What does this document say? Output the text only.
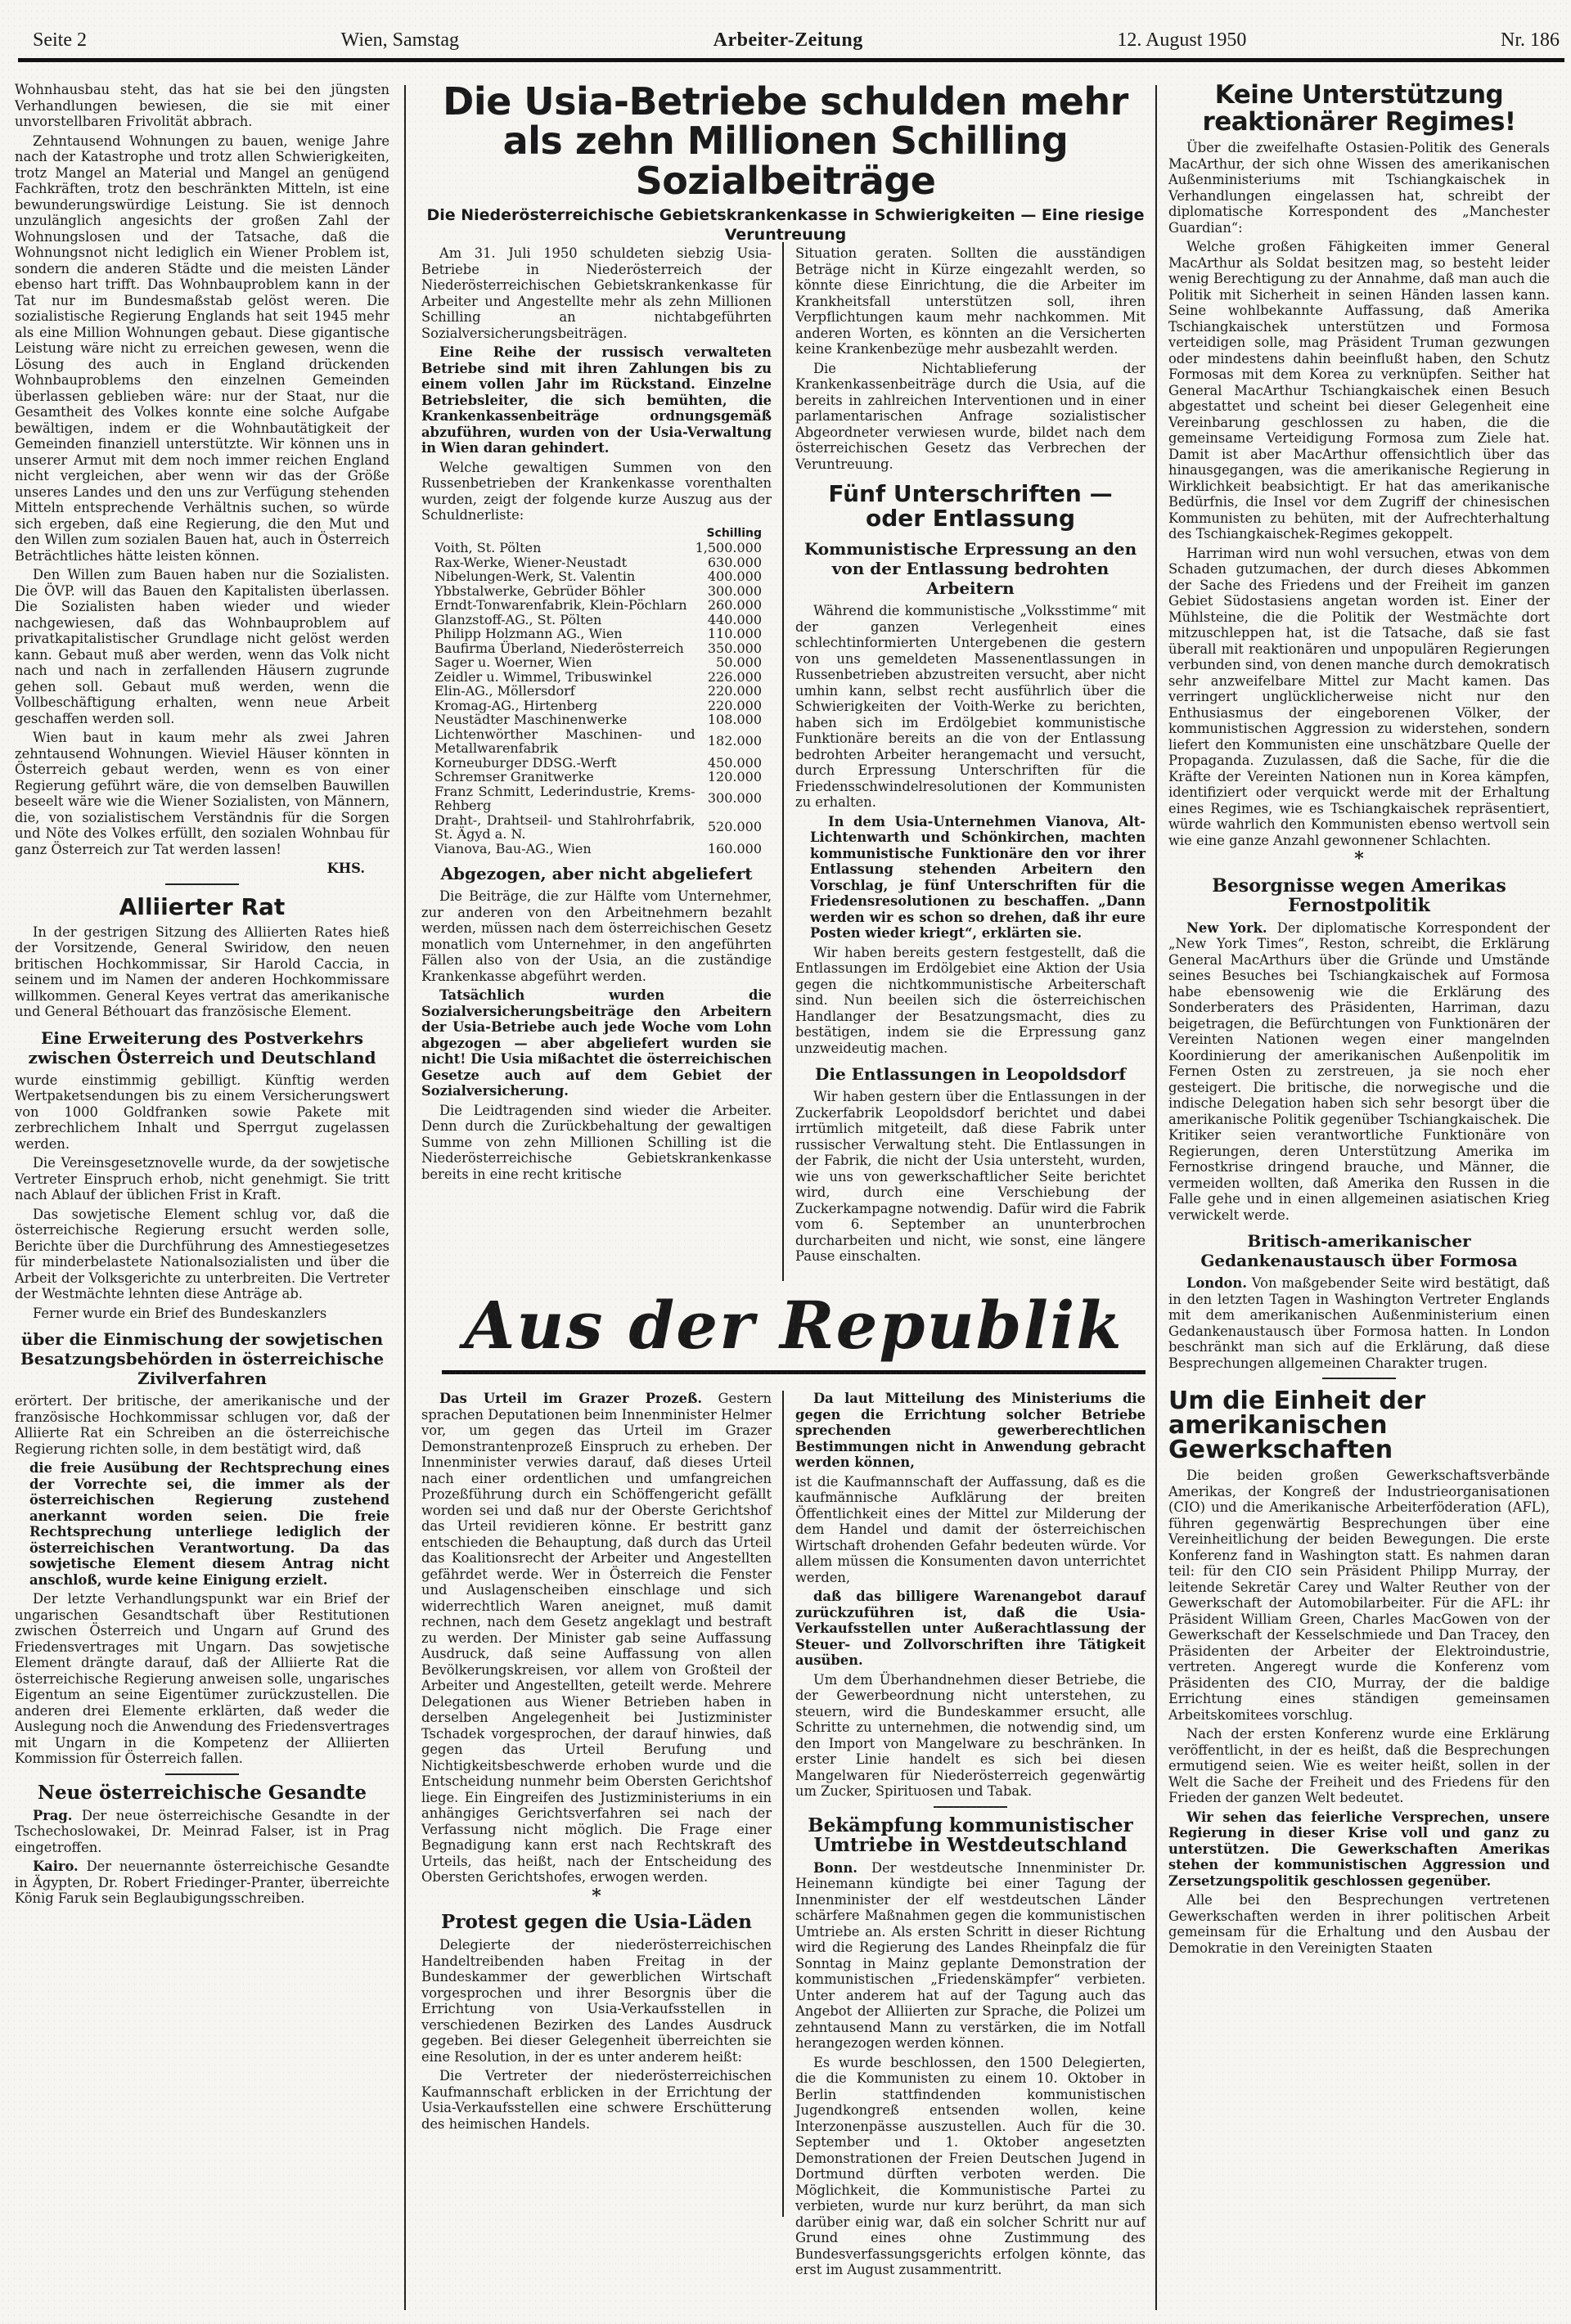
Seite 2	Wien, Samstag	Arbeiter-Zeitung	12. August 1950	Nr. 186

Wohnhausbau steht, das hat sie bei den jüngsten Verhandlungen bewiesen, die sie mit einer unvorstellbaren Frivolität abbrach.

Zehntausend Wohnungen zu bauen, wenige Jahre nach der Katastrophe und trotz allen Schwierigkeiten, trotz Mangel an Material und Mangel an genügend Fachkräften, trotz den beschränkten Mitteln, ist eine bewunderungswürdige Leistung. Sie ist dennoch unzulänglich angesichts der großen Zahl der Wohnungslosen und der Tatsache, daß die Wohnungsnot nicht lediglich ein Wiener Problem ist, sondern die anderen Städte und die meisten Länder ebenso hart trifft. Das Wohnbauproblem kann in der Tat nur im Bundesmaßstab gelöst weren. Die sozialistische Regierung Englands hat seit 1945 mehr als eine Million Wohnungen gebaut. Diese gigantische Leistung wäre nicht zu erreichen gewesen, wenn die Lösung des auch in England drückenden Wohnbauproblems den einzelnen Gemeinden überlassen geblieben wäre: nur der Staat, nur die Gesamtheit des Volkes konnte eine solche Aufgabe bewältigen, indem er die Wohnbautätigkeit der Gemeinden finanziell unterstützte. Wir können uns in unserer Armut mit dem noch immer reichen England nicht vergleichen, aber wenn wir das der Größe unseres Landes und den uns zur Verfügung stehenden Mitteln entsprechende Verhältnis suchen, so würde sich ergeben, daß eine Regierung, die den Mut und den Willen zum sozialen Bauen hat, auch in Österreich Beträchtliches hätte leisten können.

Den Willen zum Bauen haben nur die Sozialisten. Die ÖVP. will das Bauen den Kapitalisten überlassen. Die Sozialisten haben wieder und wieder nachgewiesen, daß das Wohnbauproblem auf privatkapitalistischer Grundlage nicht gelöst werden kann. Gebaut muß aber werden, wenn das Volk nicht nach und nach in zerfallenden Häusern zugrunde gehen soll. Gebaut muß werden, wenn die Vollbeschäftigung erhalten, wenn neue Arbeit geschaffen werden soll.

Wien baut in kaum mehr als zwei Jahren zehntausend Wohnungen. Wieviel Häuser könnten in Österreich gebaut werden, wenn es von einer Regierung geführt wäre, die von demselben Bauwillen beseelt wäre wie die Wiener Sozialisten, von Männern, die, von sozialistischem Verständnis für die Sorgen und Nöte des Volkes erfüllt, den sozialen Wohnbau für ganz Österreich zur Tat werden lassen!

KHS.
Alliierter Rat

In der gestrigen Sitzung des Alliierten Rates hieß der Vorsitzende, General Swiridow, den neuen britischen Hochkommissar, Sir Harold Caccia, in seinem und im Namen der anderen Hochkommissare willkommen. General Keyes vertrat das amerikanische und General Béthouart das französische Element.

Eine Erweiterung des Postverkehrs zwischen Österreich und Deutschland

wurde einstimmig gebilligt. Künftig werden Wertpaketsendungen bis zu einem Versicherungswert von 1000 Goldfranken sowie Pakete mit zerbrechlichem Inhalt und Sperrgut zugelassen werden.

Die Vereinsgesetznovelle wurde, da der sowjetische Vertreter Einspruch erhob, nicht genehmigt. Sie tritt nach Ablauf der üblichen Frist in Kraft.

Das sowjetische Element schlug vor, daß die österreichische Regierung ersucht werden solle, Berichte über die Durchführung des Amnestiegesetzes für minderbelastete Nationalsozialisten und über die Arbeit der Volksgerichte zu unterbreiten. Die Vertreter der Westmächte lehnten diese Anträge ab.

Ferner wurde ein Brief des Bundeskanzlers

über die Einmischung der sowjetischen Besatzungsbehörden in österreichische Zivilverfahren

erörtert. Der britische, der amerikanische und der französische Hochkommissar schlugen vor, daß der Alliierte Rat ein Schreiben an die österreichische Regierung richten solle, in dem bestätigt wird, daß

die freie Ausübung der Rechtsprechung eines der Vorrechte sei, die immer als der österreichischen Regierung zustehend anerkannt worden seien. Die freie Rechtsprechung unterliege lediglich der österreichischen Verantwortung. Da das sowjetische Element diesem Antrag nicht anschloß, wurde keine Einigung erzielt.

Der letzte Verhandlungspunkt war ein Brief der ungarischen Gesandtschaft über Restitutionen zwischen Österreich und Ungarn auf Grund des Friedensvertrages mit Ungarn. Das sowjetische Element drängte darauf, daß der Alliierte Rat die österreichische Regierung anweisen solle, ungarisches Eigentum an seine Eigentümer zurückzustellen. Die anderen drei Elemente erklärten, daß weder die Auslegung noch die Anwendung des Friedensvertrages mit Ungarn in die Kompetenz der Alliierten Kommission für Österreich fallen.

Neue österreichische Gesandte

Prag. Der neue österreichische Gesandte in der Tschechoslowakei, Dr. Meinrad Falser, ist in Prag eingetroffen.

Kairo. Der neuernannte österreichische Gesandte in Ägypten, Dr. Robert Friedinger-Pranter, überreichte König Faruk sein Beglaubigungsschreiben.

Die Usia-Betriebe schulden mehr als zehn Millionen Schilling Sozialbeiträge
Die Niederösterreichische Gebietskrankenkasse in Schwierigkeiten — Eine riesige Veruntreuung

Am 31. Juli 1950 schuldeten siebzig Usia-Betriebe in Niederösterreich der Niederösterreichischen Gebietskrankenkasse für Arbeiter und Angestellte mehr als zehn Millionen Schilling an nichtabgeführten Sozialversicherungsbeiträgen.

Eine Reihe der russisch verwalteten Betriebe sind mit ihren Zahlungen bis zu einem vollen Jahr im Rückstand. Einzelne Betriebsleiter, die sich bemühten, die Krankenkassenbeiträge ordnungsgemäß abzuführen, wurden von der Usia-Verwaltung in Wien daran gehindert.

Welche gewaltigen Summen von den Russenbetrieben der Krankenkasse vorenthalten wurden, zeigt der folgende kurze Auszug aus der Schuldnerliste:

	Schilling
Voith, St. Pölten	1,500.000
Rax-Werke, Wiener-Neustadt	630.000
Nibelungen-Werk, St. Valentin	400.000
Ybbstalwerke, Gebrüder Böhler	300.000
Erndt-Tonwarenfabrik, Klein-Pöchlarn	260.000
Glanzstoff-AG., St. Pölten	440.000
Philipp Holzmann AG., Wien	110.000
Baufirma Überland, Niederösterreich	350.000
Sager u. Woerner, Wien	50.000
Zeidler u. Wimmel, Tribuswinkel	226.000
Elin-AG., Möllersdorf	220.000
Kromag-AG., Hirtenberg	220.000
Neustädter Maschinenwerke	108.000
Lichtenwörther Maschinen- und Metallwarenfabrik	182.000
Korneuburger DDSG.-Werft	450.000
Schremser Granitwerke	120.000
Franz Schmitt, Lederindustrie, Krems-Rehberg	300.000
Draht-, Drahtseil- und Stahlrohrfabrik, St. Ägyd a. N.	520.000
Vianova, Bau-AG., Wien	160.000
Abgezogen, aber nicht abgeliefert

Die Beiträge, die zur Hälfte vom Unternehmer, zur anderen von den Arbeitnehmern bezahlt werden, müssen nach dem österreichischen Gesetz monatlich vom Unternehmer, in den angeführten Fällen also von der Usia, an die zuständige Krankenkasse abgeführt werden.

Tatsächlich wurden die Sozialversicherungsbeiträge den Arbeitern der Usia-Betriebe auch jede Woche vom Lohn abgezogen — aber abgeliefert wurden sie nicht! Die Usia mißachtet die österreichischen Gesetze auch auf dem Gebiet der Sozialversicherung.

Die Leidtragenden sind wieder die Arbeiter. Denn durch die Zurückbehaltung der gewaltigen Summe von zehn Millionen Schilling ist die Niederösterreichische Gebietskrankenkasse bereits in eine recht kritische

Situation geraten. Sollten die ausständigen Beträge nicht in Kürze eingezahlt werden, so könnte diese Einrichtung, die die Arbeiter im Krankheitsfall unterstützen soll, ihren Verpflichtungen kaum mehr nachkommen. Mit anderen Worten, es könnten an die Versicherten keine Krankenbezüge mehr ausbezahlt werden.

Die Nichtablieferung der Krankenkassenbeiträge durch die Usia, auf die bereits in zahlreichen Interventionen und in einer parlamentarischen Anfrage sozialistischer Abgeordneter verwiesen wurde, bildet nach dem österreichischen Gesetz das Verbrechen der Veruntreuung.

Fünf Unterschriften — oder Entlassung
Kommunistische Erpressung an den von der Entlassung bedrohten Arbeitern

Während die kommunistische „Volksstimme“ mit der ganzen Verlegenheit eines schlechtinformierten Untergebenen die gestern von uns gemeldeten Massenentlassungen in Russenbetrieben abzustreiten versucht, aber nicht umhin kann, selbst recht ausführlich über die Schwierigkeiten der Voith-Werke zu berichten, haben sich im Erdölgebiet kommunistische Funktionäre bereits an die von der Entlassung bedrohten Arbeiter herangemacht und versucht, durch Erpressung Unterschriften für die Friedensschwindelresolutionen der Kommunisten zu erhalten.

In dem Usia-Unternehmen Vianova, Alt-Lichtenwarth und Schönkirchen, machten kommunistische Funktionäre den vor ihrer Entlassung stehenden Arbeitern den Vorschlag, je fünf Unterschriften für die Friedensresolutionen zu beschaffen. „Dann werden wir es schon so drehen, daß ihr eure Posten wieder kriegt“, erklärten sie.

Wir haben bereits gestern festgestellt, daß die Entlassungen im Erdölgebiet eine Aktion der Usia gegen die nichtkommunistische Arbeiterschaft sind. Nun beeilen sich die österreichischen Handlanger der Besatzungsmacht, dies zu bestätigen, indem sie die Erpressung ganz unzweideutig machen.

Die Entlassungen in Leopoldsdorf

Wir haben gestern über die Entlassungen in der Zuckerfabrik Leopoldsdorf berichtet und dabei irrtümlich mitgeteilt, daß diese Fabrik unter russischer Verwaltung steht. Die Entlassungen in der Fabrik, die nicht der Usia untersteht, wurden, wie uns von gewerkschaftlicher Seite berichtet wird, durch eine Verschiebung der Zuckerkampagne notwendig. Dafür wird die Fabrik vom 6. September an ununterbrochen durcharbeiten und nicht, wie sonst, eine längere Pause einschalten.

Aus der Republik

Das Urteil im Grazer Prozeß. Gestern sprachen Deputationen beim Innenminister Helmer vor, um gegen das Urteil im Grazer Demonstrantenprozeß Einspruch zu erheben. Der Innenminister verwies darauf, daß dieses Urteil nach einer ordentlichen und umfangreichen Prozeßführung durch ein Schöffengericht gefällt worden sei und daß nur der Oberste Gerichtshof das Urteil revidieren könne. Er bestritt ganz entschieden die Behauptung, daß durch das Urteil das Koalitionsrecht der Arbeiter und Angestellten gefährdet werde. Wer in Österreich die Fenster und Auslagenscheiben einschlage und sich widerrechtlich Waren aneignet, muß damit rechnen, nach dem Gesetz angeklagt und bestraft zu werden. Der Minister gab seine Auffassung Ausdruck, daß seine Auffassung von allen Bevölkerungskreisen, vor allem von Großteil der Arbeiter und Angestellten, geteilt werde. Mehrere Delegationen aus Wiener Betrieben haben in derselben Angelegenheit bei Justizminister Tschadek vorgesprochen, der darauf hinwies, daß gegen das Urteil Berufung und Nichtigkeitsbeschwerde erhoben wurde und die Entscheidung nunmehr beim Obersten Gerichtshof liege. Ein Eingreifen des Justizministeriums in ein anhängiges Gerichtsverfahren sei nach der Verfassung nicht möglich. Die Frage einer Begnadigung kann erst nach Rechtskraft des Urteils, das heißt, nach der Entscheidung des Obersten Gerichtshofes, erwogen werden.

*
Protest gegen die Usia-Läden

Delegierte der niederösterreichischen Handeltreibenden haben Freitag in der Bundeskammer der gewerblichen Wirtschaft vorgesprochen und ihrer Besorgnis über die Errichtung von Usia-Verkaufsstellen in verschiedenen Bezirken des Landes Ausdruck gegeben. Bei dieser Gelegenheit überreichten sie eine Resolution, in der es unter anderem heißt:

Die Vertreter der niederösterreichischen Kaufmannschaft erblicken in der Errichtung der Usia-Verkaufsstellen eine schwere Erschütterung des heimischen Handels.

Da laut Mitteilung des Ministeriums die gegen die Errichtung solcher Betriebe sprechenden gewerberechtlichen Bestimmungen nicht in Anwendung gebracht werden können,

ist die Kaufmannschaft der Auffassung, daß es die kaufmännische Aufklärung der breiten Öffentlichkeit eines der Mittel zur Milderung der dem Handel und damit der österreichischen Wirtschaft drohenden Gefahr bedeuten würde. Vor allem müssen die Konsumenten davon unterrichtet werden,

daß das billigere Warenangebot darauf zurückzuführen ist, daß die Usia-Verkaufsstellen unter Außerachtlassung der Steuer- und Zollvorschriften ihre Tätigkeit ausüben.

Um dem Überhandnehmen dieser Betriebe, die der Gewerbeordnung nicht unterstehen, zu steuern, wird die Bundeskammer ersucht, alle Schritte zu unternehmen, die notwendig sind, um den Import von Mangelware zu beschränken. In erster Linie handelt es sich bei diesen Mangelwaren für Niederösterreich gegenwärtig um Zucker, Spirituosen und Tabak.

Bekämpfung kommunistischer Umtriebe in Westdeutschland

Bonn. Der westdeutsche Innenminister Dr. Heinemann kündigte bei einer Tagung der Innenminister der elf westdeutschen Länder schärfere Maßnahmen gegen die kommunistischen Umtriebe an. Als ersten Schritt in dieser Richtung wird die Regierung des Landes Rheinpfalz die für Sonntag in Mainz geplante Demonstration der kommunistischen „Friedenskämpfer“ verbieten. Unter anderem hat auf der Tagung auch das Angebot der Alliierten zur Sprache, die Polizei um zehntausend Mann zu verstärken, die im Notfall herangezogen werden können.

Es wurde beschlossen, den 1500 Delegierten, die die Kommunisten zu einem 10. Oktober in Berlin stattfindenden kommunistischen Jugendkongreß entsenden wollen, keine Interzonenpässe auszustellen. Auch für die 30. September und 1. Oktober angesetzten Demonstrationen der Freien Deutschen Jugend in Dortmund dürften verboten werden. Die Möglichkeit, die Kommunistische Partei zu verbieten, wurde nur kurz berührt, da man sich darüber einig war, daß ein solcher Schritt nur auf Grund eines ohne Zustimmung des Bundesverfassungsgerichts erfolgen könnte, das erst im August zusammentritt.

Keine Unterstützung reaktionärer Regimes!

Über die zweifelhafte Ostasien-Politik des Generals MacArthur, der sich ohne Wissen des amerikanischen Außenministeriums mit Tschiangkaischek in Verhandlungen eingelassen hat, schreibt der diplomatische Korrespondent des „Manchester Guardian“:

Welche großen Fähigkeiten immer General MacArthur als Soldat besitzen mag, so besteht leider wenig Berechtigung zu der Annahme, daß man auch die Politik mit Sicherheit in seinen Händen lassen kann. Seine wohlbekannte Auffassung, daß Amerika Tschiangkaischek unterstützen und Formosa verteidigen solle, mag Präsident Truman gezwungen oder mindestens dahin beeinflußt haben, den Schutz Formosas mit dem Korea zu verknüpfen. Seither hat General MacArthur Tschiangkaischek einen Besuch abgestattet und scheint bei dieser Gelegenheit eine Vereinbarung geschlossen zu haben, die die gemeinsame Verteidigung Formosa zum Ziele hat. Damit ist aber MacArthur offensichtlich über das hinausgegangen, was die amerikanische Regierung in Wirklichkeit beabsichtigt. Er hat das amerikanische Bedürfnis, die Insel vor dem Zugriff der chinesischen Kommunisten zu behüten, mit der Aufrechterhaltung des Tschiangkaischek-Regimes gekoppelt.

Harriman wird nun wohl versuchen, etwas von dem Schaden gutzumachen, der durch dieses Abkommen der Sache des Friedens und der Freiheit im ganzen Gebiet Südostasiens angetan worden ist. Einer der Mühlsteine, die die Politik der Westmächte dort mitzuschleppen hat, ist die Tatsache, daß sie fast überall mit reaktionären und unpopulären Regierungen verbunden sind, von denen manche durch demokratisch sehr anzweifelbare Mittel zur Macht kamen. Das verringert unglücklicherweise nicht nur den Enthusiasmus der eingeborenen Völker, der kommunistischen Aggression zu widerstehen, sondern liefert den Kommunisten eine unschätzbare Quelle der Propaganda. Zuzulassen, daß die Sache, für die die Kräfte der Vereinten Nationen nun in Korea kämpfen, identifiziert oder verquickt werde mit der Erhaltung eines Regimes, wie es Tschiangkaischek repräsentiert, würde wahrlich den Kommunisten ebenso wertvoll sein wie eine ganze Anzahl gewonnener Schlachten.

*
Besorgnisse wegen Amerikas Fernostpolitik

New York. Der diplomatische Korrespondent der „New York Times“, Reston, schreibt, die Erklärung General MacArthurs über die Gründe und Umstände seines Besuches bei Tschiangkaischek auf Formosa habe ebensowenig wie die Erklärung des Sonderberaters des Präsidenten, Harriman, dazu beigetragen, die Befürchtungen von Funktionären der Vereinten Nationen wegen einer mangelnden Koordinierung der amerikanischen Außenpolitik im Fernen Osten zu zerstreuen, ja sie noch eher gesteigert. Die britische, die norwegische und die indische Delegation haben sich sehr besorgt über die amerikanische Politik gegenüber Tschiangkaischek. Die Kritiker seien verantwortliche Funktionäre von Regierungen, deren Unterstützung Amerika im Fernostkrise dringend brauche, und Männer, die vermeiden wollten, daß Amerika den Russen in die Falle gehe und in einen allgemeinen asiatischen Krieg verwickelt werde.

Britisch-amerikanischer Gedankenaustausch über Formosa

London. Von maßgebender Seite wird bestätigt, daß in den letzten Tagen in Washington Vertreter Englands mit dem amerikanischen Außenministerium einen Gedankenaustausch über Formosa hatten. In London beschränkt man sich auf die Erklärung, daß diese Besprechungen allgemeinen Charakter trugen.

Um die Einheit der amerikanischen Gewerkschaften

Die beiden großen Gewerkschaftsverbände Amerikas, der Kongreß der Industrieorganisationen (CIO) und die Amerikanische Arbeiterföderation (AFL), führen gegenwärtig Besprechungen über eine Vereinheitlichung der beiden Bewegungen. Die erste Konferenz fand in Washington statt. Es nahmen daran teil: für den CIO sein Präsident Philipp Murray, der leitende Sekretär Carey und Walter Reuther von der Gewerkschaft der Automobilarbeiter. Für die AFL: ihr Präsident William Green, Charles MacGowen von der Gewerkschaft der Kesselschmiede und Dan Tracey, den Präsidenten der Arbeiter der Elektroindustrie, vertreten. Angeregt wurde die Konferenz vom Präsidenten des CIO, Murray, der die baldige Errichtung eines ständigen gemeinsamen Arbeitskomitees vorschlug.

Nach der ersten Konferenz wurde eine Erklärung veröffentlicht, in der es heißt, daß die Besprechungen ermutigend seien. Wie es weiter heißt, sollen in der Welt die Sache der Freiheit und des Friedens für den Frieden der ganzen Welt bedeutet.

Wir sehen das feierliche Versprechen, unsere Regierung in dieser Krise voll und ganz zu unterstützen. Die Gewerkschaften Amerikas stehen der kommunistischen Aggression und Zersetzungspolitik geschlossen gegenüber.

Alle bei den Besprechungen vertretenen Gewerkschaften werden in ihrer politischen Arbeit gemeinsam für die Erhaltung und den Ausbau der Demokratie in den Vereinigten Staaten
